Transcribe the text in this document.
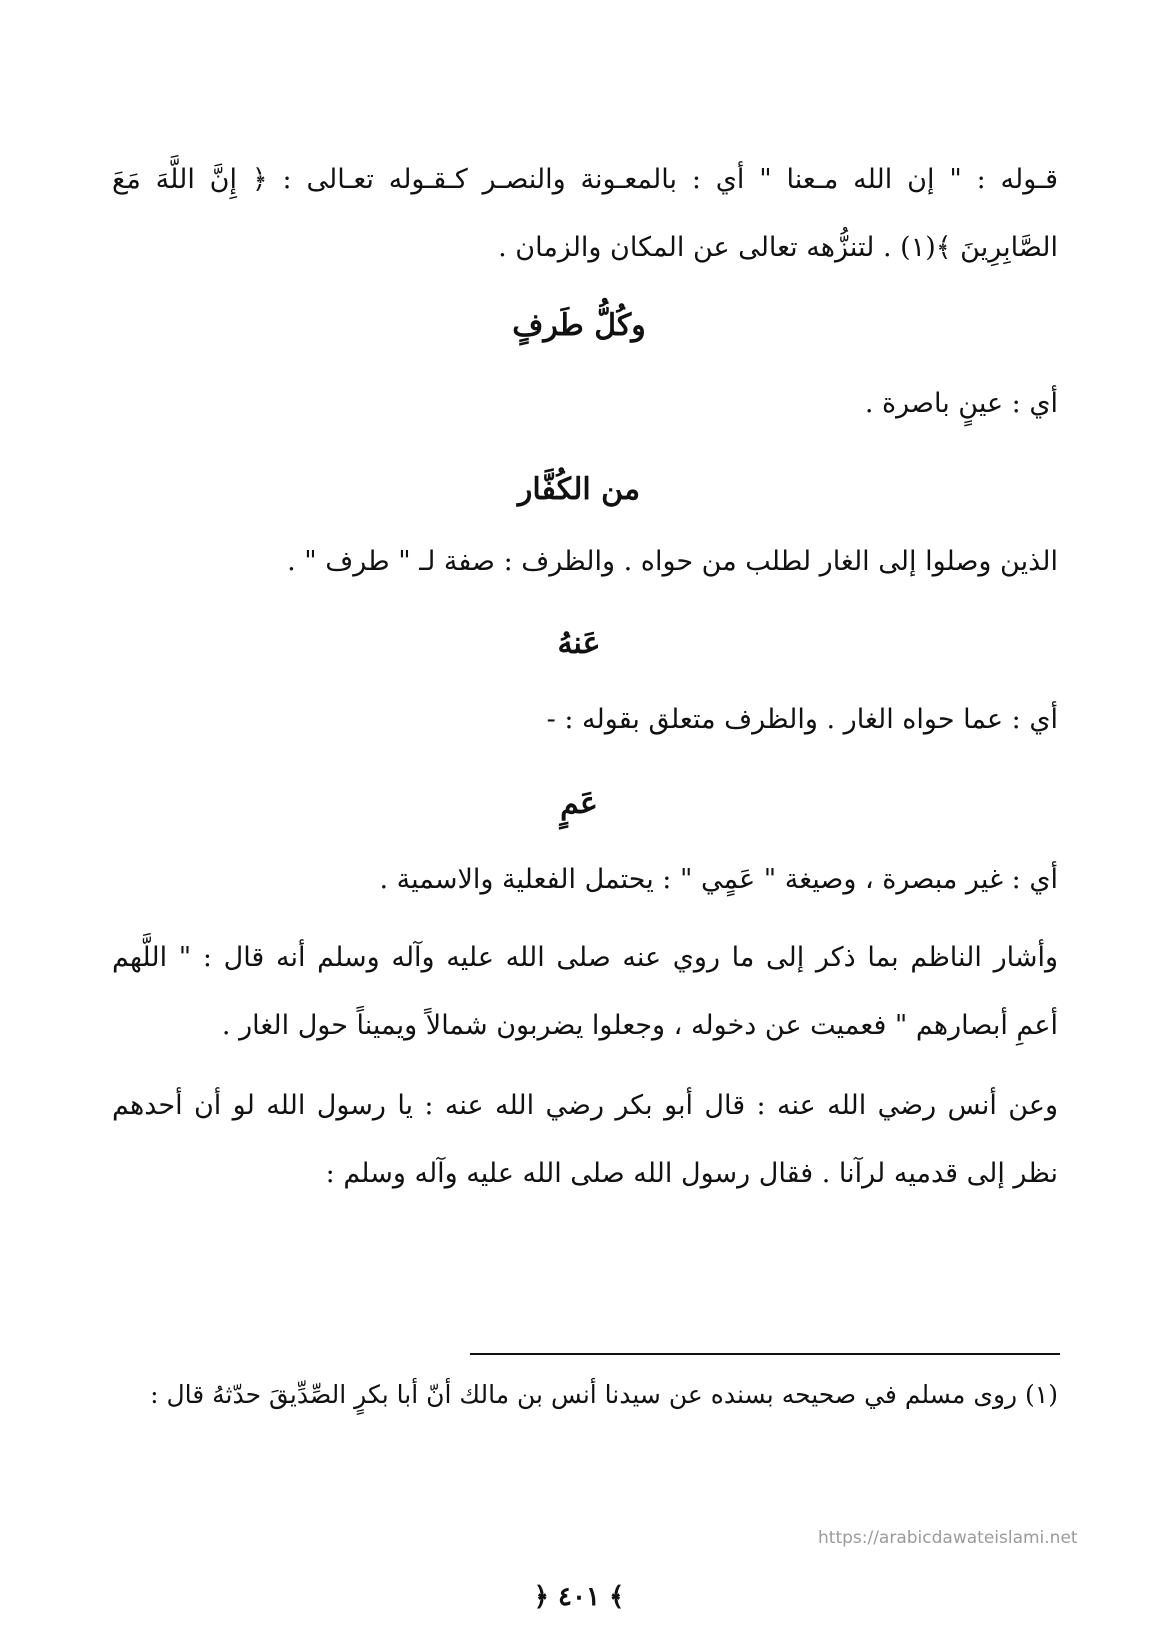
قـوله : " إن الله مـعنا " أي : بالمعـونة والنصـر كـقـوله تعـالى : ﴿ إِنَّ اللَّهَ مَعَ
الصَّابِرِينَ ﴾(١) . لتنزُّهه تعالى عن المكان والزمان .
وكُلُّ طَرفٍ
أي : عينٍ باصرة .
من الكُفَّار
الذين وصلوا إلى الغار لطلب من حواه . والظرف : صفة لـ " طرف " .
عَنهُ
أي : عما حواه الغار . والظرف متعلق بقوله : -
عَمٍ
أي : غير مبصرة ، وصيغة " عَمٍي " : يحتمل الفعلية والاسمية .
وأشار الناظم بما ذكر إلى ما روي عنه صلى الله عليه وآله وسلم أنه قال : " اللَّهم
أعمِ أبصارهم " فعميت عن دخوله ، وجعلوا يضربون شمالاً ويميناً حول الغار .
وعن أنس رضي الله عنه : قال أبو بكر رضي الله عنه : يا رسول الله لو أن أحدهم
نظر إلى قدميه لرآنا . فقال رسول الله صلى الله عليه وآله وسلم :
(١) روى مسلم في صحيحه بسنده عن سيدنا أنس بن مالك أنّ أبا بكرٍ الصِّدِّيقَ حدّثهُ قال :
https://arabicdawateislami.net
﴿ ٤٠١ ﴾
